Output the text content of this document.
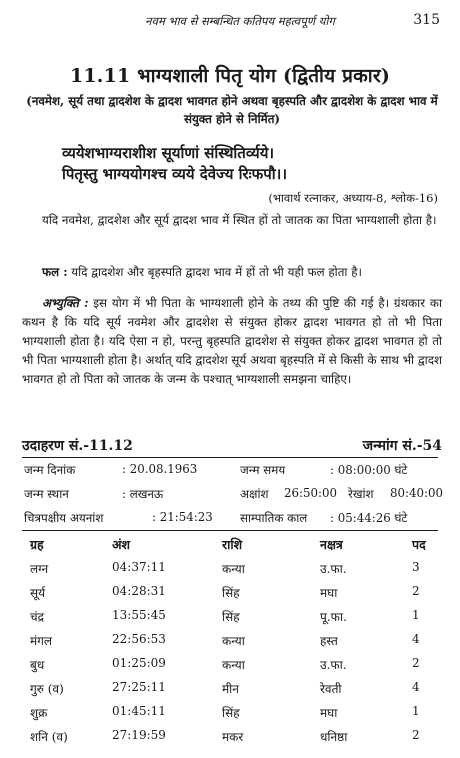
नवम भाव से सम्बन्धित कतिपय महत्वपूर्ण योग	315
11.11 भाग्यशाली पितृ योग (द्वितीय प्रकार)
(नवमेश, सूर्य तथा द्वादशेश के द्वादश भावगत होने अथवा बृहस्पति और द्वादशेश के द्वादश भाव में संयुक्त होने से निर्मित)
व्ययेशभाग्यराशीश सूर्याणां संस्थितिर्व्यये।
पितृस्तु भाग्ययोगश्च व्यये देवेज्य रिःफपौ।।
(भावार्थ रत्नाकर, अध्याय-8, श्लोक-16)
यदि नवमेश, द्वादशेश और सूर्य द्वादश भाव में स्थित हों तो जातक का पिता भाग्यशाली होता है।
फल : यदि द्वादशेश और बृहस्पति द्वादश भाव में हों तो भी यही फल होता है।
अभ्युक्ति : इस योग में भी पिता के भाग्यशाली होने के तथ्य की पुष्टि की गई है। ग्रंथकार का कथन है कि यदि सूर्य नवमेश और द्वादशेश से संयुक्त होकर द्वादश भावगत हो तो भी पिता भाग्यशाली होता है। यदि ऐसा न हो, परन्तु बृहस्पति द्वादशेश से संयुक्त होकर द्वादश भावगत हो तो भी पिता भाग्यशाली होता है। अर्थात् यदि द्वादशेश सूर्य अथवा बृहस्पति में से किसी के साथ भी द्वादश भावगत हो तो पिता को जातक के जन्म के पश्चात् भाग्यशाली समझना चाहिए।
उदाहरण सं.-11.12	जन्मांग सं.-54
जन्म दिनांक	: 20.08.1963	जन्म समय	: 08:00:00 घंटे
जन्म स्थान	: लखनऊ	अक्षांश 26:50:00 रेखांश 80:40:00
चित्रपक्षीय अयनांश	: 21:54:23 साम्पातिक काल : 05:44:26 घंटे
ग्रह	अंश	राशि	नक्षत्र	पद
लग्न	04:37:11	कन्या	उ.फा.	3
सूर्य	04:28:31	सिंह	मघा	2
चंद्र	13:55:45	सिंह	पू.फा.	1
मंगल	22:56:53	कन्या	हस्त	4
बुध	01:25:09	कन्या	उ.फा.	2
गुरु (व)	27:25:11	मीन	रेवती	4
शुक्र	01:45:11	सिंह	मघा	1
शनि (व)	27:19:59	मकर	धनिष्ठा	2
